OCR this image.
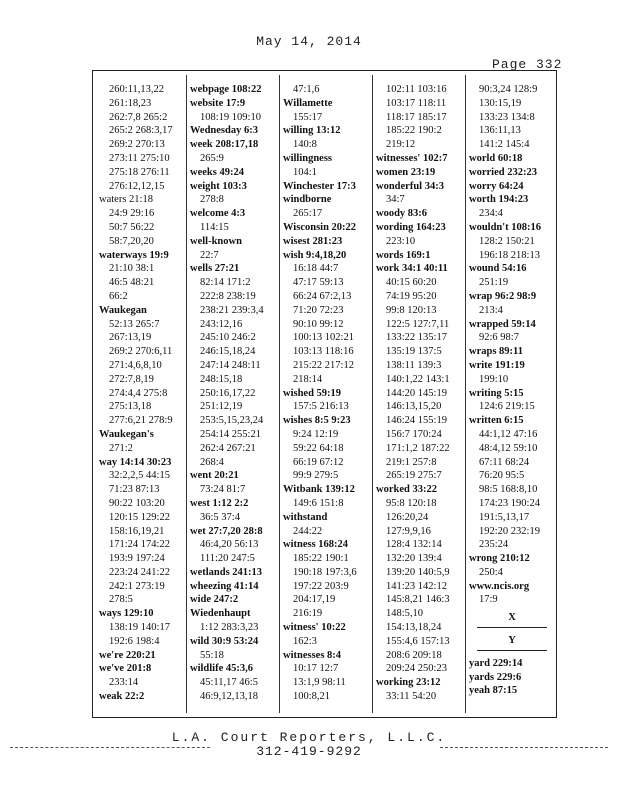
May 14, 2014
Page 332
260:11,13,22
261:18,23
262:7,8 265:2
265:2 268:3,17
269:2 270:13
273:11 275:10
275:18 276:11
276:12,12,15
waters 21:18
24:9 29:16
50:7 56:22
58:7,20,20
waterways 19:9
21:10 38:1
46:5 48:21
66:2
Waukegan
52:13 265:7
267:13,19
269:2 270:6,11
271:4,6,8,10
272:7,8,19
274:4,4 275:8
275:13,18
277:6,21 278:9
Waukegan's
271:2
way 14:14 30:23
32:2,2,5 44:15
71:23 87:13
90:22 103:20
120:15 129:22
158:16,19,21
171:24 174:22
193:9 197:24
223:24 241:22
242:1 273:19
278:5
ways 129:10
138:19 140:17
192:6 198:4
we're 220:21
we've 201:8
233:14
weak 22:2
webpage 108:22
website 17:9
108:19 109:10
Wednesday 6:3
week 208:17,18
265:9
weeks 49:24
weight 103:3
278:8
welcome 4:3
114:15
well-known
22:7
wells 27:21
82:14 171:2
222:8 238:19
238:21 239:3,4
243:12,16
245:10 246:2
246:15,18,24
247:14 248:11
248:15,18
250:16,17,22
251:12,19
253:5,15,23,24
254:14 255:21
262:4 267:21
268:4
went 20:21
73:24 81:7
west 1:12 2:2
36:5 37:4
wet 27:7,20 28:8
46:4,20 56:13
111:20 247:5
wetlands 241:13
wheezing 41:14
wide 247:2
Wiedenhaupt
1:12 283:3,23
wild 30:9 53:24
55:18
wildlife 45:3,6
45:11,17 46:5
46:9,12,13,18
47:1,6
Willamette
155:17
willing 13:12
140:8
willingness
104:1
Winchester 17:3
windborne
265:17
Wisconsin 20:22
wisest 281:23
wish 9:4,18,20
16:18 44:7
47:17 59:13
66:24 67:2,13
71:20 72:23
90:10 99:12
100:13 102:21
103:13 118:16
215:22 217:12
218:14
wished 59:19
157:5 216:13
wishes 8:5 9:23
9:24 12:19
59:22 64:18
66:19 67:12
99:9 279:5
Witbank 139:12
149:6 151:8
withstand
244:22
witness 168:24
185:22 190:1
190:18 197:3,6
197:22 203:9
204:17,19
216:19
witness' 10:22
162:3
witnesses 8:4
10:17 12:7
13:1,9 98:11
100:8,21
102:11 103:16
103:17 118:11
118:17 185:17
185:22 190:2
219:12
witnesses' 102:7
women 23:19
wonderful 34:3
34:7
woody 83:6
wording 164:23
223:10
words 169:1
work 34:1 40:11
40:15 60:20
74:19 95:20
99:8 120:13
122:5 127:7,11
133:22 135:17
135:19 137:5
138:11 139:3
140:1,22 143:1
144:20 145:19
146:13,15,20
146:24 155:19
156:7 170:24
171:1,2 187:22
219:1 257:8
265:19 275:7
worked 33:22
95:8 120:18
126:20,24
127:9,9,16
128:4 132:14
132:20 139:4
139:20 140:5,9
141:23 142:12
145:8,21 146:3
148:5,10
154:13,18,24
155:4,6 157:13
208:6 209:18
209:24 250:23
working 23:12
33:11 54:20
90:3,24 128:9
130:15,19
133:23 134:8
136:11,13
141:2 145:4
world 60:18
worried 232:23
worry 64:24
worth 194:23
234:4
wouldn't 108:16
128:2 150:21
196:18 218:13
wound 54:16
251:19
wrap 96:2 98:9
213:4
wrapped 59:14
92:6 98:7
wraps 89:11
write 191:19
199:10
writing 5:15
124:6 219:15
written 6:15
44:1,12 47:16
48:4,12 59:10
67:11 68:24
76:20 95:5
98:5 168:8,10
174:23 190:24
191:5,13,17
192:20 232:19
235:24
wrong 210:12
250:4
www.ncis.org
17:9
X
Y
yard 229:14
yards 229:6
yeah 87:15
L.A. Court Reporters, L.L.C.
312-419-9292
